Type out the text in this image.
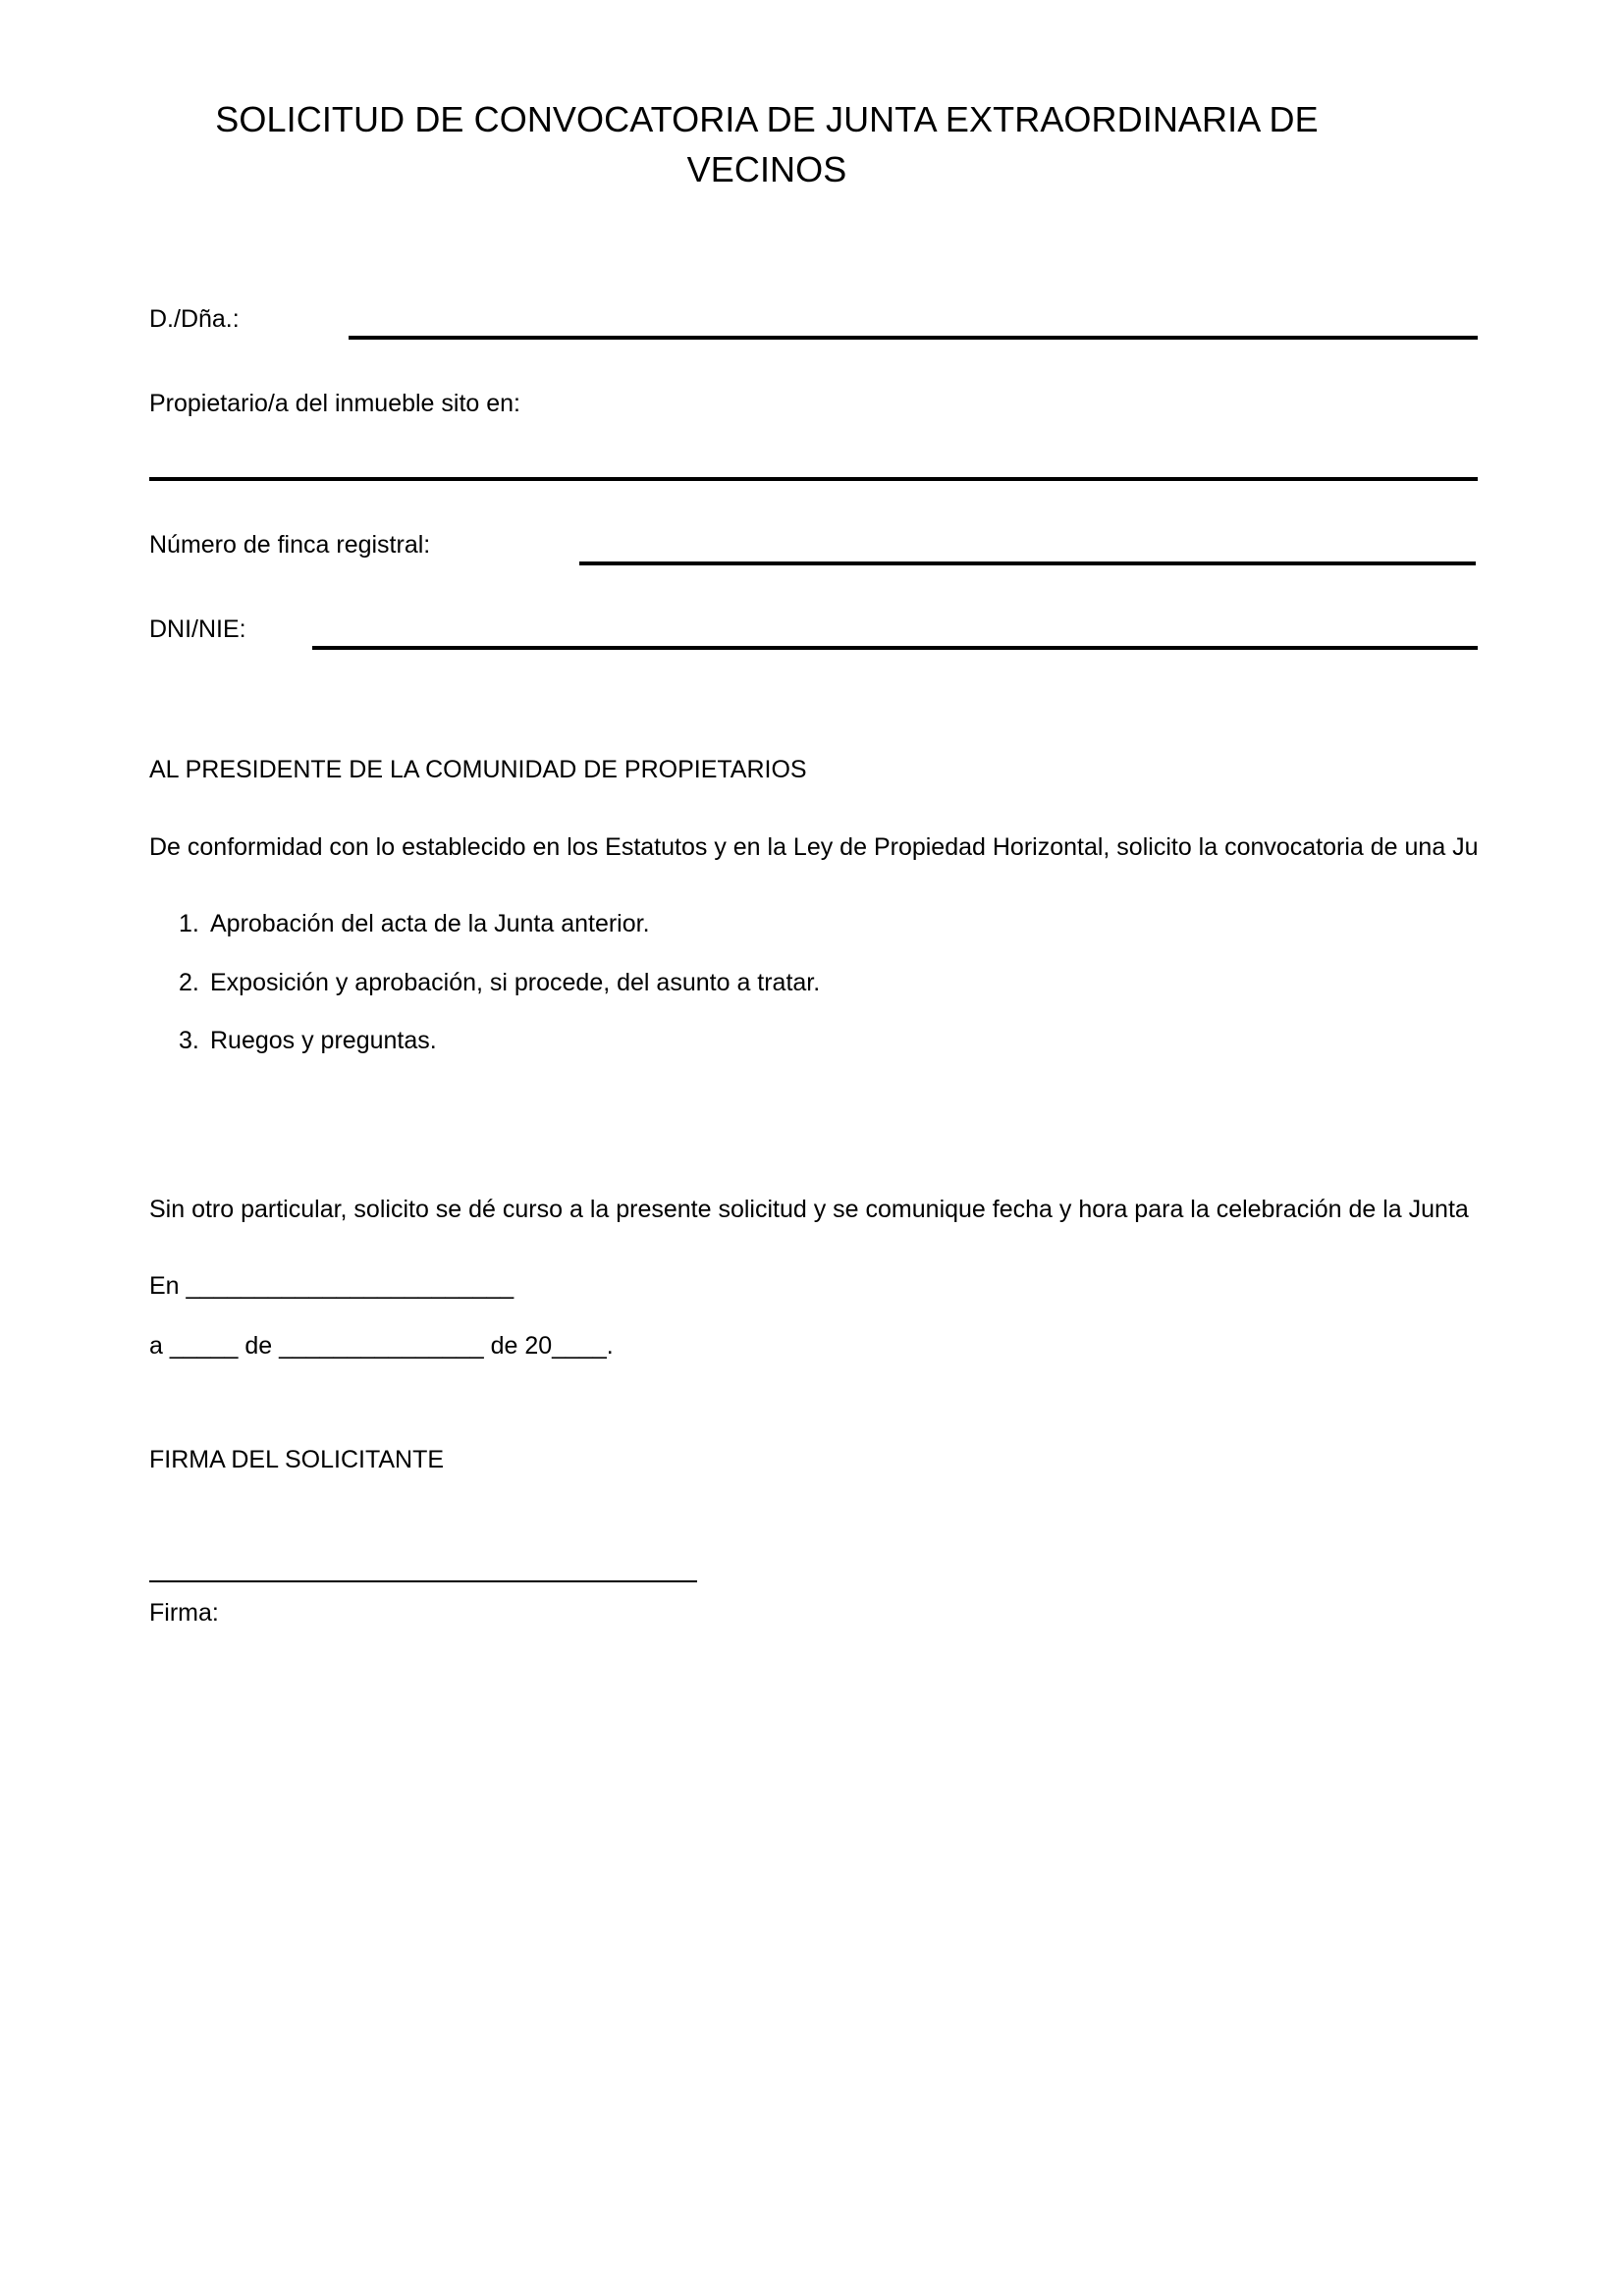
SOLICITUD DE CONVOCATORIA DE JUNTA EXTRAORDINARIA DE VECINOS
D./Dña.:
Propietario/a del inmueble sito en:
Número de finca registral:
DNI/NIE:
AL PRESIDENTE DE LA COMUNIDAD DE PROPIETARIOS
De conformidad con lo establecido en los Estatutos y en la Ley de Propiedad Horizontal, solicito la convocatoria de una Ju
1. Aprobación del acta de la Junta anterior.
2. Exposición y aprobación, si procede, del asunto a tratar.
3. Ruegos y preguntas.
Sin otro particular, solicito se dé curso a la presente solicitud y se comunique fecha y hora para la celebración de la Junta
En ________________________
a _____ de _______________ de 20____.
FIRMA DEL SOLICITANTE
Firma:
